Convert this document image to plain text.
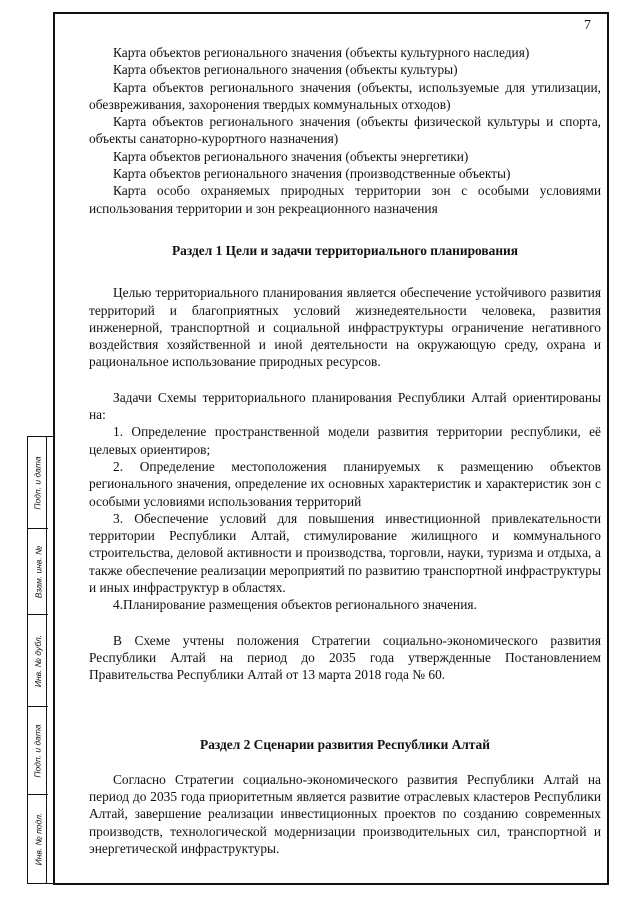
7

Карта объектов регионального значения (объекты культурного наследия)

Карта объектов регионального значения (объекты культуры)

Карта объектов регионального значения (объекты, используемые для утилизации, обезвреживания, захоронения твердых коммунальных отходов)

Карта объектов регионального значения (объекты физической культуры и спорта, объекты санаторно-курортного назначения)

Карта объектов регионального значения (объекты энергетики)

Карта объектов регионального значения (производственные объекты)

Карта особо охраняемых природных территории зон с особыми условиями использования территории и зон рекреационного назначения

Раздел 1 Цели и задачи территориального планирования

Целью территориального планирования является обеспечение устойчивого развития территорий и благоприятных условий жизнедеятельности человека, развития инженерной, транспортной и социальной инфраструктуры ограничение негативного воздействия хозяйственной и иной деятельности на окружающую среду, охрана и рациональное использование природных ресурсов.

Задачи Схемы территориального планирования Республики Алтай ориентированы на:

1. Определение пространственной модели развития территории республики, её целевых ориентиров;

2. Определение местоположения планируемых к размещению объектов регионального значения, определение их основных характеристик и характеристик зон с особыми условиями использования территорий

3. Обеспечение условий для повышения инвестиционной привлекательности территории Республики Алтай, стимулирование жилищного и коммунального строительства, деловой активности и производства, торговли, науки, туризма и отдыха, а также обеспечение реализации мероприятий по развитию транспортной инфраструктуры и иных инфраструктур в областях.

4.Планирование размещения объектов регионального значения.

В Схеме учтены положения Стратегии социально-экономического развития Республики Алтай на период до 2035 года утвержденные Постановлением Правительства Республики Алтай от 13 марта 2018 года № 60.

Раздел 2 Сценарии развития Республики Алтай

Согласно Стратегии социально-экономического развития Республики Алтай на период до 2035 года приоритетным является развитие отраслевых кластеров Республики Алтай, завершение реализации инвестиционных проектов по созданию современных производств, технологической модернизации производительных сил, транспортной и энергетической инфраструктуры.

Подп. и дата
Взам. инв. №
Инв. № дубл.
Подп. и дата
Инв. № подл.
